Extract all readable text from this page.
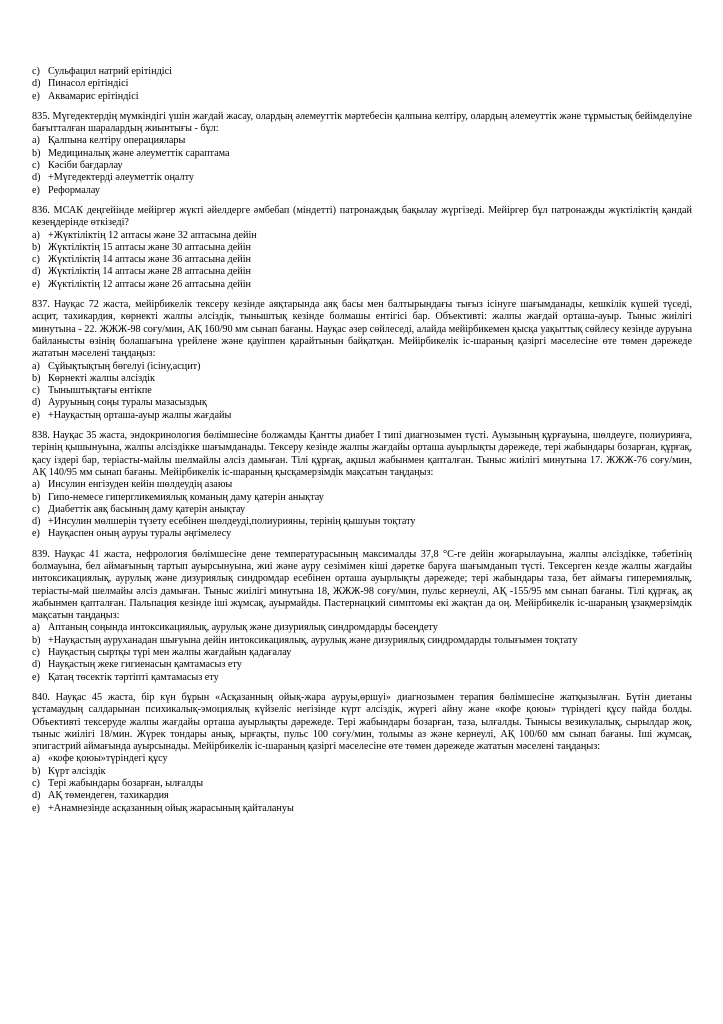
c) Сульфацил натрий ерітіндісі
d) Пинасол ерітіндісі
e) Аквамарис ерітіндісі
835. Мүгедектердің мүмкіндігі үшін жағдай жасау, олардың әлемеуттік мәртебесін қалпына келтіру, олардың әлемеуттік және тұрмыстық бейімделуіне бағытталған шаралардың жиынтығы - бұл:
a) Қалпына келтіру операциялары
b) Медициналық және әлеуметтік сараптама
c) Кәсіби бағдарлау
d) +Мүгедектерді әлеуметтік оңалту
e) Реформалау
836. МСАК деңгейінде мейіргер жүкті әйелдерге әмбебап (міндетті) патронаждық бақылау жүргізеді. Мейіргер бұл патронажды жүктіліктің қандай кезеңдерінде өткізеді?
a) +Жүктіліктің 12 аптасы және 32 аптасына дейін
b) Жүктіліктің 15 аптасы және 30 аптасына дейін
c) Жүктіліктің 14 аптасы және 36 аптасына дейін
d) Жүктіліктің 14 аптасы және 28 аптасына дейін
e) Жүктіліктің 12 аптасы және 26 аптасына дейін
837. Науқас 72 жаста, мейірбикелік тексеру кезінде аяқтарында аяқ басы мен балтырындағы тығыз ісінуге шағымданады, кешкілік күшей түседі, асцит, тахикардия, көрнекті жалпы әлсіздік, тыныштық кезінде болмашы ентігісі бар. Объективті: жалпы жағдай орташа-ауыр. Тыныс жиілігі минутына - 22. ЖЖЖ-98 соғу/мин, АҚ 160/90 мм сынап бағаны. Науқас әзер сөйлеседі, алайда мейірбикемен қысқа уақыттық сөйлесу кезінде ауруына байланысты өзінің болашағына үрейлене және қауіппен қарайтынын байқатқан. Мейірбикелік іс-шараның қазіргі мәселесіне өте төмен дәрежеде жататын мәселені таңдаңыз:
a) Сұйықтықтың бөгелуі (ісіну,асцит)
b) Көрнекті жалпы әлсіздік
c) Тыныштықтағы ентікпе
d) Ауруының соңы туралы мазасыздық
e) +Науқастың орташа-ауыр жалпы жағдайы
838. Науқас 35 жаста, эндокринология бөлімшесіне болжамды Қантты диабет I типі диагнозымен түсті. Ауызының құрғауына, шөлдеуге, полиурияға, терінің қышынуына, жалпы әлсіздікке шағымданады. Тексеру кезінде жалпы жағдайы орташа ауырлықты дәрежеде, тері жабындары бозарған, құрғақ, қасу іздері бар, теріасты-майлы шелмайлы әлсіз дамыған. Тілі құрғақ, ақшыл жабынмен қапталған. Тыныс жиілігі минутына 17. ЖЖЖ-76 соғу/мин, АҚ 140/95 мм сынап бағаны. Мейірбикелік іс-шараның қысқамерзімдік мақсатын таңдаңыз:
a) Инсулин енгізуден кейін шөлдеудің азаюы
b) Гипо-немесе гипергликемиялық команың даму қатерін анықтау
c) Диабеттік аяқ басының даму қатерін анықтау
d) +Инсулин мөлшерін түзету есебінен шөлдеуді,полиурияны, терінің қышуын тоқтату
e) Науқаспен оның ауруы туралы әңгімелесу
839. Науқас 41 жаста, нефрология бөлімшесіне дене температурасының максималды 37,8 °С-ге дейін жоғарылауына, жалпы әлсіздікке, тәбетінің болмауына, бел аймағының тартып ауырсынуына, жиі және ауру сезімімен кіші дәретке баруға шағымданып түсті. Тексерген кезде жалпы жағдайы интоксикациялық, аурулық және дизуриялық синдромдар есебінен орташа ауырлықты дәрежеде; тері жабындары таза, бет аймағы гиперемиялық, теріасты-май шелмайы әлсіз дамыған. Тыныс жиілігі минутына 18, ЖЖЖ-98 соғу/мин, пульс кернеулі, АҚ -155/95 мм сынап бағаны. Тілі құрғақ, ақ жабынмен қапталған. Пальпация кезінде іші жұмсақ, ауырмайды. Пастернацкий симптомы екі жақтан да оң. Мейірбикелік іс-шараның ұзақмерзімдік мақсатын таңдаңыз:
a) Аптаның соңында интоксикациялық, аурулық және дизуриялық синдромдарды бәсеңдету
b) +Науқастың ауруханадан шығуына дейін интоксикациялық, аурулық және дизуриялық синдромдарды толығымен тоқтату
c) Науқастың сыртқы түрі мен жалпы жағдайын қадағалау
d) Науқастың жеке гигиенасын қамтамасыз ету
e) Қатаң төсектік тәртіпті қамтамасыз ету
840. Науқас 45 жаста, бір күн бұрын «Асқазанның ойық-жара ауруы,өршуі» диагнозымен терапия бөлімшесіне жатқызылған. Бүтін диетаны ұстамаудың салдарынан психикалық-эмоциялық күйзеліс негізінде күрт әлсіздік, жүрегі айну және «кофе қоюы» түріндегі құсу пайда болды. Объективті тексеруде жалпы жағдайы орташа ауырлықты дәрежеде. Тері жабындары бозарған, таза, ылғалды. Тынысы везикулалық, сырылдар жоқ, тыныс жиілігі 18/мин. Жүрек тондары анық, ырғақты, пульс 100 соғу/мин, толымы аз және кернеулі, АҚ 100/60 мм сынап бағаны. Іші жұмсақ, эпигастрий аймағында ауырсынады. Мейірбикелік іс-шараның қазіргі мәселесіне өте төмен дәрежеде жататын мәселені таңдаңыз:
a) «кофе қоюы»түріндегі құсу
b) Күрт әлсіздік
c) Тері жабындары бозарған, ылғалды
d) АҚ төмендеген, тахикардия
e) +Анамнезінде асқазанның ойық жарасының қайталануы
